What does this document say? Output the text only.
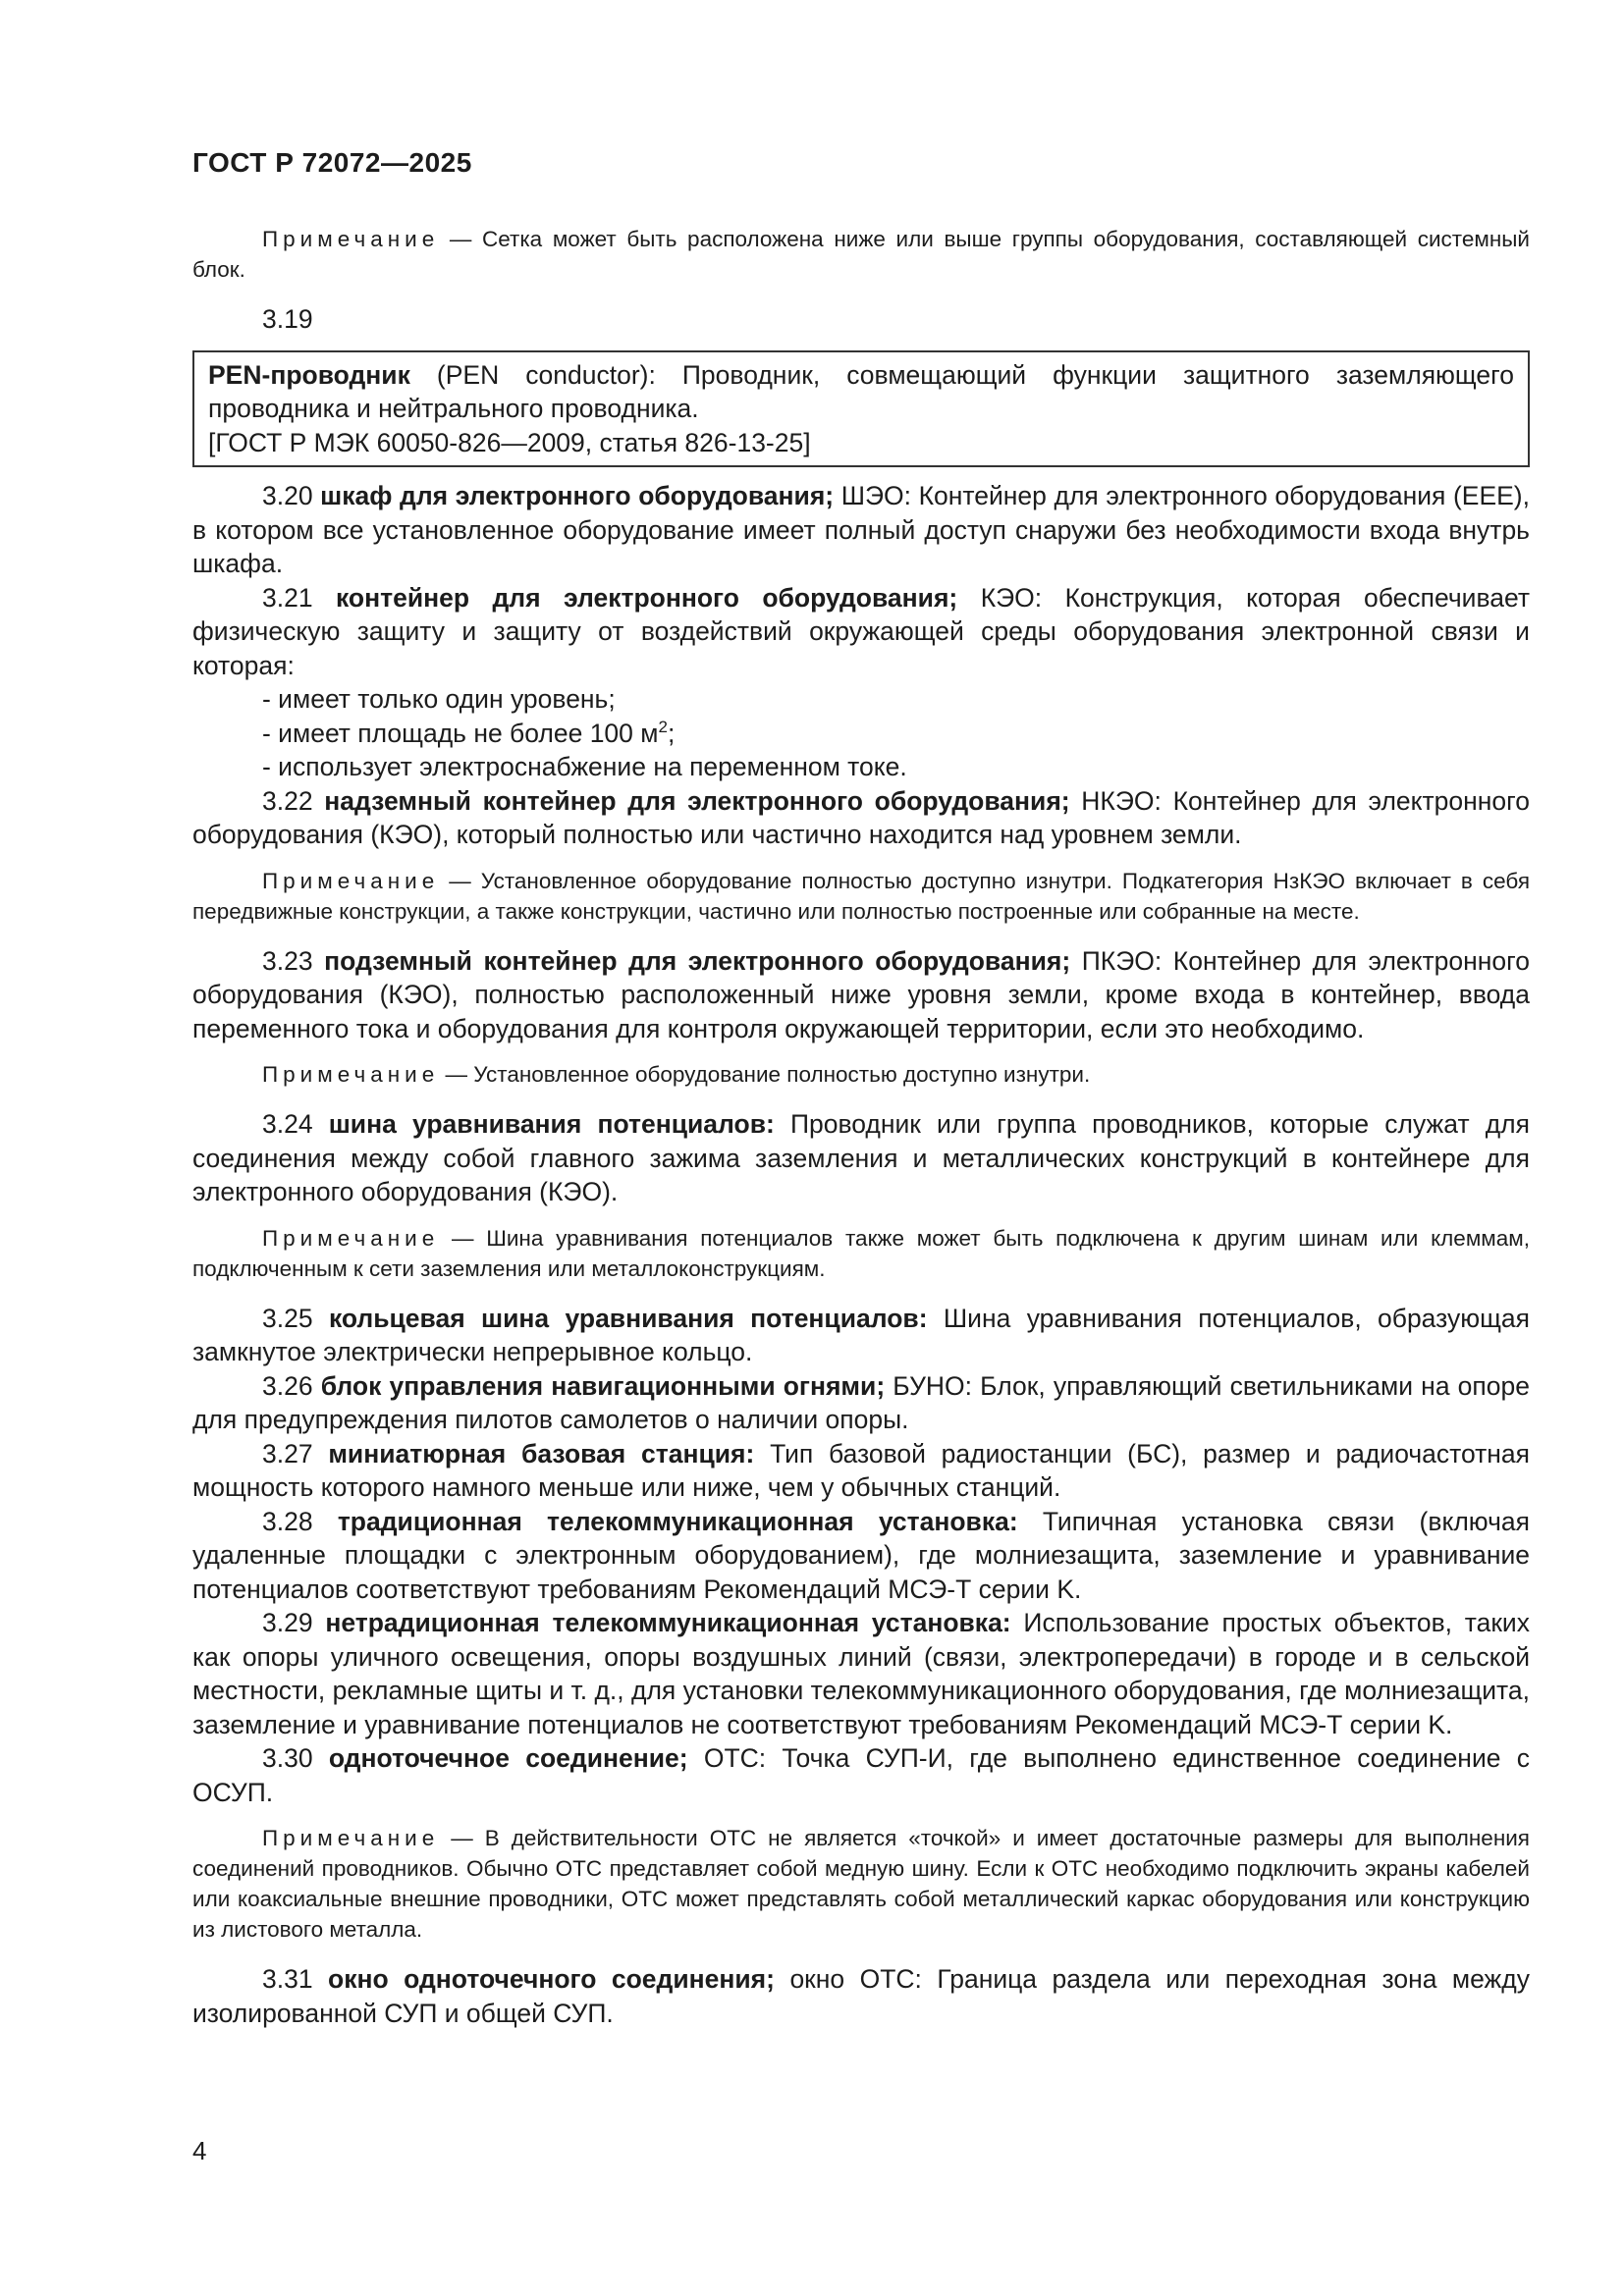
ГОСТ Р 72072—2025

Примечание — Сетка может быть расположена ниже или выше группы оборудования, составляющей системный блок.

3.19

PEN-проводник (PEN conductor): Проводник, совмещающий функции защитного заземляющего проводника и нейтрального проводника.

[ГОСТ Р МЭК 60050-826—2009, статья 826-13-25]

3.20 шкаф для электронного оборудования; ШЭО: Контейнер для электронного оборудования (EEE), в котором все установленное оборудование имеет полный доступ снаружи без необходимости входа внутрь шкафа.

3.21 контейнер для электронного оборудования; КЭО: Конструкция, которая обеспечивает физическую защиту и защиту от воздействий окружающей среды оборудования электронной связи и которая:

- имеет только один уровень;

- имеет площадь не более 100 $м^2$;

- использует электроснабжение на переменном токе.

3.22 надземный контейнер для электронного оборудования; НКЭО: Контейнер для электронного оборудования (КЭО), который полностью или частично находится над уровнем земли.

Примечание — Установленное оборудование полностью доступно изнутри. Подкатегория НзКЭО включает в себя передвижные конструкции, а также конструкции, частично или полностью построенные или собранные на месте.

3.23 подземный контейнер для электронного оборудования; ПКЭО: Контейнер для электронного оборудования (КЭО), полностью расположенный ниже уровня земли, кроме входа в контейнер, ввода переменного тока и оборудования для контроля окружающей территории, если это необходимо.

Примечание — Установленное оборудование полностью доступно изнутри.

3.24 шина уравнивания потенциалов: Проводник или группа проводников, которые служат для соединения между собой главного зажима заземления и металлических конструкций в контейнере для электронного оборудования (КЭО).

Примечание — Шина уравнивания потенциалов также может быть подключена к другим шинам или клеммам, подключенным к сети заземления или металлоконструкциям.

3.25 кольцевая шина уравнивания потенциалов: Шина уравнивания потенциалов, образующая замкнутое электрически непрерывное кольцо.

3.26 блок управления навигационными огнями; БУНО: Блок, управляющий светильниками на опоре для предупреждения пилотов самолетов о наличии опоры.

3.27 миниатюрная базовая станция: Тип базовой радиостанции (БС), размер и радиочастотная мощность которого намного меньше или ниже, чем у обычных станций.

3.28 традиционная телекоммуникационная установка: Типичная установка связи (включая удаленные площадки с электронным оборудованием), где молниезащита, заземление и уравнивание потенциалов соответствуют требованиям Рекомендаций МСЭ-Т серии K.

3.29 нетрадиционная телекоммуникационная установка: Использование простых объектов, таких как опоры уличного освещения, опоры воздушных линий (связи, электропередачи) в городе и в сельской местности, рекламные щиты и т. д., для установки телекоммуникационного оборудования, где молниезащита, заземление и уравнивание потенциалов не соответствуют требованиям Рекомендаций МСЭ-Т серии K.

3.30 одноточечное соединение; ОТС: Точка СУП-И, где выполнено единственное соединение с ОСУП.

Примечание — В действительности ОТС не является «точкой» и имеет достаточные размеры для выполнения соединений проводников. Обычно ОТС представляет собой медную шину. Если к ОТС необходимо подключить экраны кабелей или коаксиальные внешние проводники, ОТС может представлять собой металлический каркас оборудования или конструкцию из листового металла.

3.31 окно одноточечного соединения; окно ОТС: Граница раздела или переходная зона между изолированной СУП и общей СУП.

4
